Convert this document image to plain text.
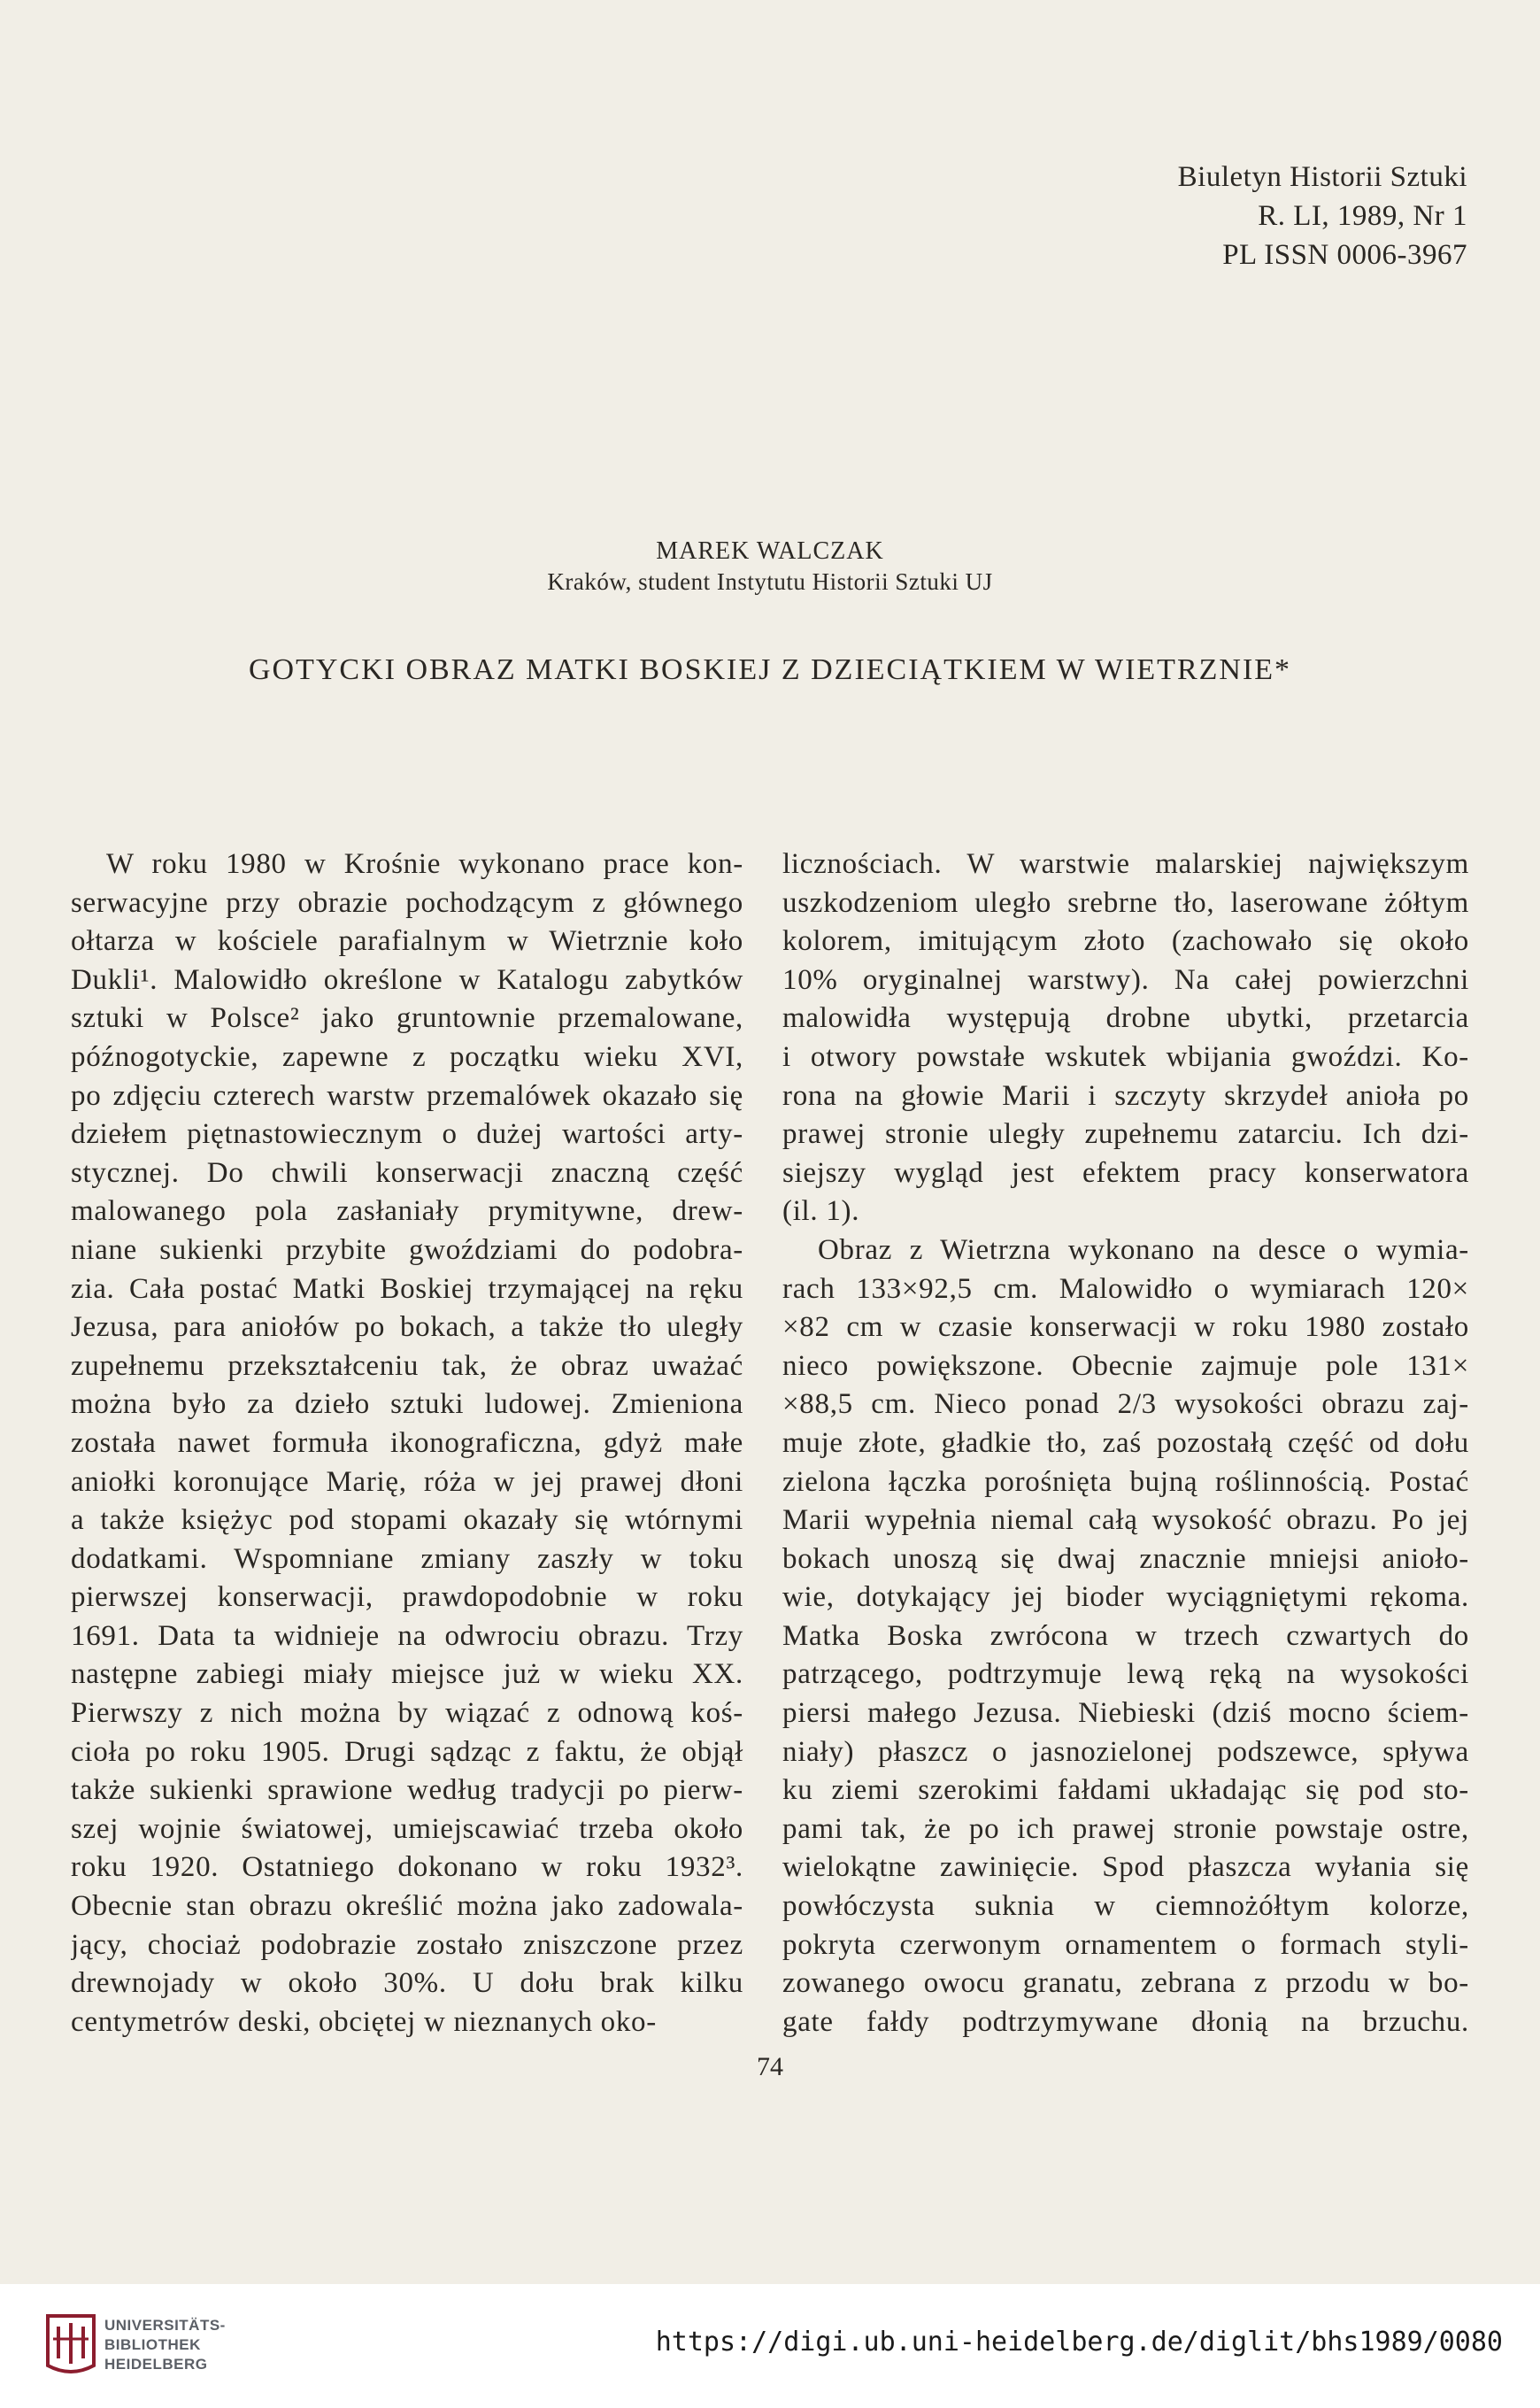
Biuletyn Historii Sztuki
R. LI, 1989, Nr 1
PL ISSN 0006-3967
MAREK WALCZAK
Kraków, student Instytutu Historii Sztuki UJ
GOTYCKI OBRAZ MATKI BOSKIEJ Z DZIECIĄTKIEM W WIETRZNIE*
W roku 1980 w Krośnie wykonano prace kon-
serwacyjne przy obrazie pochodzącym z głównego
ołtarza w kościele parafialnym w Wietrznie koło
Dukli¹. Malowidło określone w Katalogu zabytków
sztuki w Polsce² jako gruntownie przemalowane,
późnogotyckie, zapewne z początku wieku XVI,
po zdjęciu czterech warstw przemalówek okazało się
dziełem piętnastowiecznym o dużej wartości arty-
stycznej. Do chwili konserwacji znaczną część
malowanego pola zasłaniały prymitywne, drew-
niane sukienki przybite gwoździami do podobra-
zia. Cała postać Matki Boskiej trzymającej na ręku
Jezusa, para aniołów po bokach, a także tło uległy
zupełnemu przekształceniu tak, że obraz uważać
można było za dzieło sztuki ludowej. Zmieniona
została nawet formuła ikonograficzna, gdyż małe
aniołki koronujące Marię, róża w jej prawej dłoni
a także księżyc pod stopami okazały się wtórnymi
dodatkami. Wspomniane zmiany zaszły w toku
pierwszej konserwacji, prawdopodobnie w roku
1691. Data ta widnieje na odwrociu obrazu. Trzy
następne zabiegi miały miejsce już w wieku XX.
Pierwszy z nich można by wiązać z odnową koś-
cioła po roku 1905. Drugi sądząc z faktu, że objął
także sukienki sprawione według tradycji po pierw-
szej wojnie światowej, umiejscawiać trzeba około
roku 1920. Ostatniego dokonano w roku 1932³.
Obecnie stan obrazu określić można jako zadowala-
jący, chociaż podobrazie zostało zniszczone przez
drewnojady w około 30%. U dołu brak kilku
centymetrów deski, obciętej w nieznanych oko-
licznościach. W warstwie malarskiej największym
uszkodzeniom uległo srebrne tło, laserowane żółtym
kolorem, imitującym złoto (zachowało się około
10% oryginalnej warstwy). Na całej powierzchni
malowidła występują drobne ubytki, przetarcia
i otwory powstałe wskutek wbijania gwoździ. Ko-
rona na głowie Marii i szczyty skrzydeł anioła po
prawej stronie uległy zupełnemu zatarciu. Ich dzi-
siejszy wygląd jest efektem pracy konserwatora
(il. 1).
Obraz z Wietrzna wykonano na desce o wymia-
rach 133×92,5 cm. Malowidło o wymiarach 120×
×82 cm w czasie konserwacji w roku 1980 zostało
nieco powiększone. Obecnie zajmuje pole 131×
×88,5 cm. Nieco ponad 2/3 wysokości obrazu zaj-
muje złote, gładkie tło, zaś pozostałą część od dołu
zielona łączka porośnięta bujną roślinnością. Postać
Marii wypełnia niemal całą wysokość obrazu. Po jej
bokach unoszą się dwaj znacznie mniejsi anioło-
wie, dotykający jej bioder wyciągniętymi rękoma.
Matka Boska zwrócona w trzech czwartych do
patrzącego, podtrzymuje lewą ręką na wysokości
piersi małego Jezusa. Niebieski (dziś mocno ściem-
niały) płaszcz o jasnozielonej podszewce, spływa
ku ziemi szerokimi fałdami układając się pod sto-
pami tak, że po ich prawej stronie powstaje ostre,
wielokątne zawinięcie. Spod płaszcza wyłania się
powłóczysta suknia w ciemnożółtym kolorze,
pokryta czerwonym ornamentem o formach styli-
zowanego owocu granatu, zebrana z przodu w bo-
gate fałdy podtrzymywane dłonią na brzuchu.
74
UNIVERSITÄTS-
BIBLIOTHEK
HEIDELBERG
https://digi.ub.uni-heidelberg.de/diglit/bhs1989/0080
